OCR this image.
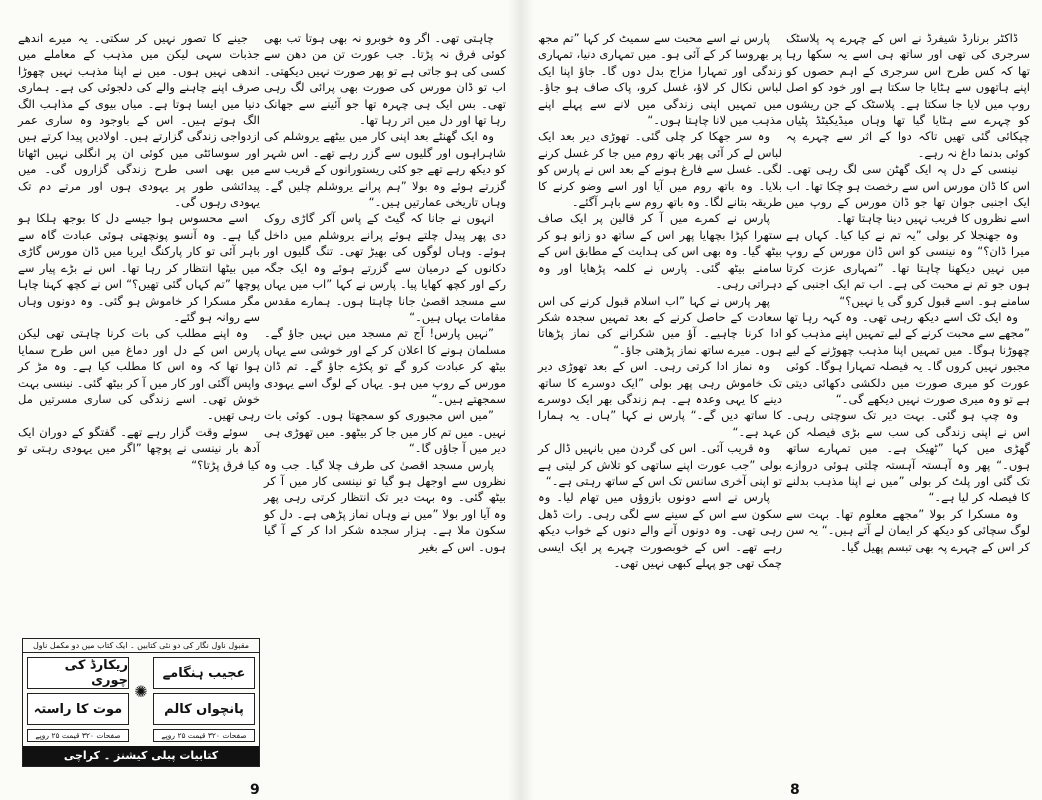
جینے کا تصور نہیں کر سکتی۔ یہ میرے اندھے جذبات سہی لیکن میں مذہب کے معاملے میں اندھی نہیں ہوں۔ میں نے اپنا مذہب نہیں چھوڑا صرف اپنے چاہنے والے کی دلجوئی کی ہے۔ ہماری دنیا میں ایسا ہوتا ہے۔ میاں بیوی کے مذاہب الگ الگ ہوتے ہیں۔ اس کے باوجود وہ ساری عمر ازدواجی زندگی گزارتے ہیں۔ اولادیں پیدا کرتے ہیں اور سوسائٹی میں کوئی ان پر انگلی نہیں اٹھاتا میں بھی اسی طرح زندگی گزاروں گی۔ میں پیدائشی طور پر یہودی ہوں اور مرتے دم تک یہودی رہوں گی۔

اسے محسوس ہوا جیسے دل کا بوجھ ہلکا ہو گیا ہے۔ وہ آنسو پونچھتی ہوئی عبادت گاہ سے باہر آئی تو کار پارکنگ ایریا میں ڈان مورس گاڑی میں بیٹھا انتظار کر رہا تھا۔ اس نے بڑے پیار سے پوچھا ”تم کہاں گئی تھیں؟“ اس نے کچھ کہنا چاہا مگر مسکرا کر خاموش ہو گئی۔ وہ دونوں وہاں سے روانہ ہو گئے۔

وہ اپنے مطلب کی بات کرنا چاہتی تھی لیکن پارس اس کے دل اور دماغ میں اس طرح سمایا ہوا تھا کہ وہ اس کا مطلب کیا ہے۔ وہ مڑ کر واپس آگئی اور کار میں آ کر بیٹھ گئی۔ نینسی بہت خوش تھی۔ اسے زندگی کی ساری مسرتیں مل رہی تھیں۔

سوئے وقت گزار رہے تھے۔ گفتگو کے دوران ایک آدھ بار نینسی نے پوچھا ”اگر میں یہودی رہتی تو کیا فرق پڑتا؟“

مقبول ناول نگار کی دو نئی کتابیں ۔ ایک کتاب میں دو مکمل ناول
عجیب ہنگامے
✺
ریکارڈ کی چوری
پانچواں کالم
موت کا راستہ
صفحات ۳۲۰ قیمت ۲۵ روپے
صفحات ۳۲۰ قیمت ۲۵ روپے
کتابیات پبلی کیشنز ۔ کراچی

چاہتی تھی۔ اگر وہ خوبرو نہ بھی ہوتا تب بھی کوئی فرق نہ پڑتا۔ جب عورت تن من دھن سے کسی کی ہو جاتی ہے تو پھر صورت نہیں دیکھتی۔ اب تو ڈان مورس کی صورت بھی پرائی لگ رہی تھی۔ بس ایک ہی چہرہ تھا جو آئینے سے جھانک رہا تھا اور دل میں اتر رہا تھا۔

وہ ایک گھنٹے بعد اپنی کار میں بیٹھے یروشلم کی شاہراہوں اور گلیوں سے گزر رہے تھے۔ اس شہر کو دیکھ رہے تھے جو کئی ریستورانوں کے قریب سے گزرتے ہوئے وہ بولا ”ہم پرانے یروشلم چلیں گے۔ وہاں تاریخی عمارتیں ہیں۔“

انہوں نے جانا کہ گیٹ کے پاس آکر گاڑی روک دی پھر پیدل چلتے ہوئے پرانے یروشلم میں داخل ہوئے۔ وہاں لوگوں کی بھیڑ تھی۔ تنگ گلیوں اور دکانوں کے درمیان سے گزرتے ہوئے وہ ایک جگہ رکے اور کچھ کھایا پیا۔ پارس نے کہا ”اب میں یہاں سے مسجد اقصیٰ جانا چاہتا ہوں۔ ہمارے مقدس مقامات یہاں ہیں۔“

”نہیں پارس! آج تم مسجد میں نہیں جاؤ گے۔ مسلمان ہونے کا اعلان کر کے اور خوشی سے یہاں بیٹھ کر عبادت کرو گے تو پکڑے جاؤ گے۔ تم ڈان مورس کے روپ میں ہو۔ یہاں کے لوگ اسے یہودی سمجھتے ہیں۔“

”میں اس مجبوری کو سمجھتا ہوں۔ کوئی بات نہیں۔ میں تم کار میں جا کر بیٹھو۔ میں تھوڑی ہی دیر میں آ جاؤں گا۔“

پارس مسجد اقصیٰ کی طرف چلا گیا۔ جب وہ نظروں سے اوجھل ہو گیا تو نینسی کار میں آ کر بیٹھ گئی۔ وہ بہت دیر تک انتظار کرتی رہی پھر وہ آیا اور بولا ”میں نے وہاں نماز پڑھی ہے۔ دل کو سکون ملا ہے۔ ہزار سجدہ شکر ادا کر کے آ گیا ہوں۔ اس کے بغیر

پارس نے اسے محبت سے سمیٹ کر کہا ”تم مجھ پر بھروسا کر کے آئی ہو۔ میں تمہاری دنیا، تمہاری زندگی اور تمہارا مزاج بدل دوں گا۔ جاؤ اپنا ایک لباس نکال کر لاؤ، غسل کرو، پاک صاف ہو جاؤ۔ میں تمہیں اپنی زندگی میں لانے سے پہلے اپنے مذہب میں لانا چاہتا ہوں۔“

وہ سر جھکا کر چلی گئی۔ تھوڑی دیر بعد ایک لباس لے کر آئی پھر باتھ روم میں جا کر غسل کرنے لگی۔ غسل سے فارغ ہونے کے بعد اس نے پارس کو بلایا۔ وہ باتھ روم میں آیا اور اسے وضو کرنے کا طریقہ بتانے لگا۔ وہ باتھ روم سے باہر آگئے۔

پارس نے کمرے میں آ کر قالین پر ایک صاف ستھرا کپڑا بچھایا پھر اس کے ساتھ دو زانو ہو کر بیٹھ گیا۔ وہ بھی اس کی ہدایت کے مطابق اس کے سامنے بیٹھ گئی۔ پارس نے کلمہ پڑھایا اور وہ دہراتی رہی۔

پھر پارس نے کہا ”اب اسلام قبول کرنے کی اس سعادت کے حاصل کرنے کے بعد تمہیں سجدہ شکر ادا کرنا چاہیے۔ آؤ میں شکرانے کی نماز پڑھاتا ہوں۔ میرے ساتھ نماز پڑھتی جاؤ۔“

وہ نماز ادا کرتی رہی۔ اس کے بعد تھوڑی دیر تک خاموش رہی پھر بولی ”ایک دوسرے کا ساتھ دینے کا یہی وعدہ ہے۔ ہم زندگی بھر ایک دوسرے کا ساتھ دیں گے۔“ پارس نے کہا ”ہاں۔ یہ ہمارا عہد ہے۔“

وہ قریب آئی۔ اس کی گردن میں بانہیں ڈال کر بولی ”جب عورت اپنے ساتھی کو تلاش کر لیتی ہے تو اپنی آخری سانس تک اس کے ساتھ رہتی ہے۔“

پارس نے اسے دونوں بازوؤں میں تھام لیا۔ وہ سکون سے اس کے سینے سے لگی رہی۔ رات ڈھل رہی تھی۔ وہ دونوں آنے والے دنوں کے خواب دیکھ رہے تھے۔ اس کے خوبصورت چہرے پر ایک ایسی چمک تھی جو پہلے کبھی نہیں تھی۔

ڈاکٹر برنارڈ شیفرڈ نے اس کے چہرے پہ پلاسٹک سرجری کی تھی اور ساتھ ہی اسے یہ سکھا رہا تھا کہ کس طرح اس سرجری کے اہم حصوں کو اپنے ہاتھوں سے ہٹایا جا سکتا ہے اور خود کو اصل روپ میں لایا جا سکتا ہے۔ پلاسٹک کے جن ریشوں کو چہرے سے ہٹایا گیا تھا وہاں میڈیکیٹڈ پٹیاں چپکائی گئی تھیں تاکہ دوا کے اثر سے چہرے پہ کوئی بدنما داغ نہ رہے۔

نینسی کے دل پہ ایک گھٹن سی لگ رہی تھی۔ اس کا ڈان مورس اس سے رخصت ہو چکا تھا۔ اب ایک اجنبی جوان تھا جو ڈان مورس کے روپ میں اسے نظروں کا فریب نہیں دینا چاہتا تھا۔

وہ جھنجلا کر بولی ”یہ تم نے کیا کیا۔ کہاں ہے میرا ڈان؟“ وہ نینسی کو اس ڈان مورس کے روپ میں نہیں دیکھنا چاہتا تھا۔ ”تمہاری عزت کرتا ہوں جو تم نے محبت کی ہے۔ اب تم ایک اجنبی کے سامنے ہو۔ اسے قبول کرو گی یا نہیں؟“

وہ ایک ٹک اسے دیکھ رہی تھی۔ وہ کہہ رہا تھا ”مجھے سے محبت کرنے کے لیے تمہیں اپنے مذہب کو چھوڑنا ہوگا۔ میں تمہیں اپنا مذہب چھوڑنے کے لیے مجبور نہیں کروں گا۔ یہ فیصلہ تمہارا ہوگا۔ کوئی عورت کو میری صورت میں دلکشی دکھائی دیتی ہے تو وہ میری صورت نہیں دیکھے گی۔“

وہ چپ ہو گئی۔ بہت دیر تک سوچتی رہی۔ اس نے اپنی زندگی کی سب سے بڑی فیصلہ کن گھڑی میں کہا ”ٹھیک ہے۔ میں تمہارے ساتھ ہوں۔“ پھر وہ آہستہ آہستہ چلتی ہوئی دروازے تک گئی اور پلٹ کر بولی ”میں نے اپنا مذہب بدلنے کا فیصلہ کر لیا ہے۔“

وہ مسکرا کر بولا ”مجھے معلوم تھا۔ بہت سے لوگ سچائی کو دیکھ کر ایمان لے آتے ہیں۔“ یہ سن کر اس کے چہرے پہ بھی تبسم پھیل گیا۔

9	8
